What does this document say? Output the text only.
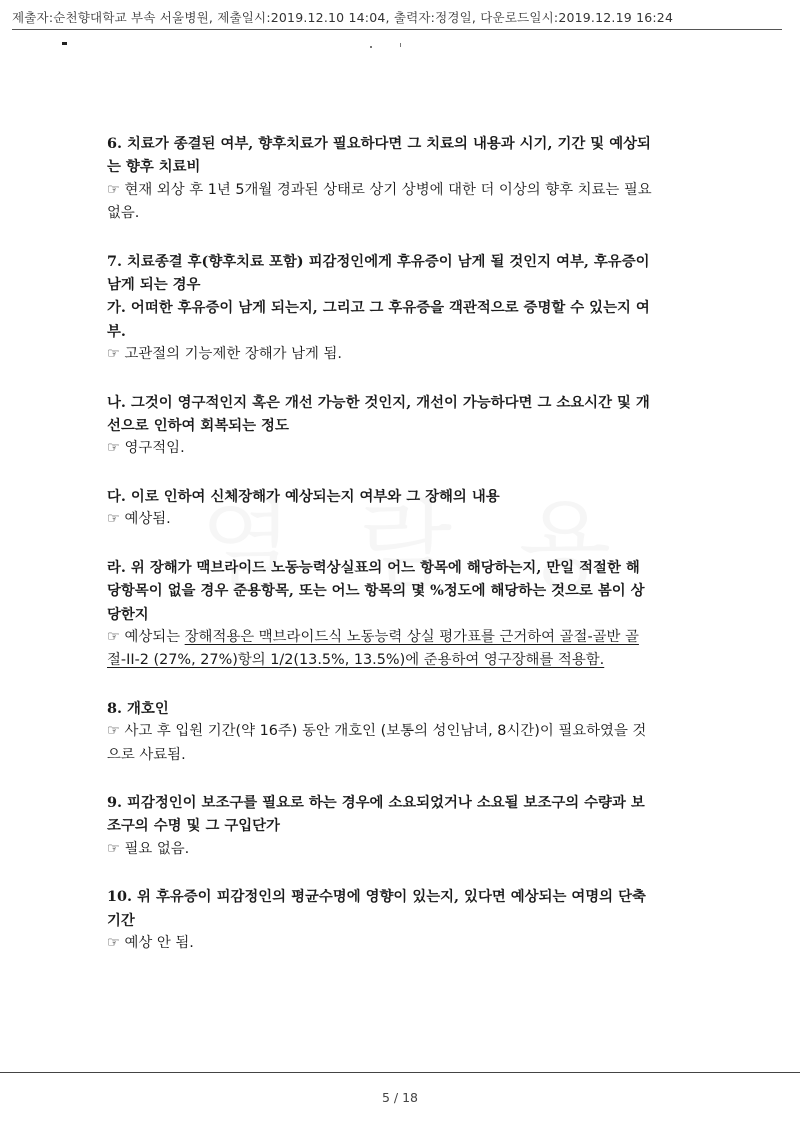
제출자:순천향대학교 부속 서울병원, 제출일시:2019.12.10 14:04, 출력자:정경일, 다운로드일시:2019.12.19 16:24

6. 치료가 종결된 여부, 향후치료가 필요하다면 그 치료의 내용과 시기, 기간 및 예상되는 향후 치료비

☞ 현재 외상 후 1년 5개월 경과된 상태로 상기 상병에 대한 더 이상의 향후 치료는 필요 없음.

7. 치료종결 후(향후치료 포함) 피감정인에게 후유증이 남게 될 것인지 여부, 후유증이 남게 되는 경우

가. 어떠한 후유증이 남게 되는지, 그리고 그 후유증을 객관적으로 증명할 수 있는지 여부.

☞ 고관절의 기능제한 장해가 남게 됨.

나. 그것이 영구적인지 혹은 개선 가능한 것인지, 개선이 가능하다면 그 소요시간 및 개선으로 인하여 회복되는 정도

☞ 영구적임.

다. 이로 인하여 신체장해가 예상되는지 여부와 그 장해의 내용

☞ 예상됨.

라. 위 장해가 맥브라이드 노동능력상실표의 어느 항목에 해당하는지, 만일 적절한 해당항목이 없을 경우 준용항목, 또는 어느 항목의 몇 %정도에 해당하는 것으로 봄이 상당한지

☞ 예상되는 장해적용은 맥브라이드식 노동능력 상실 평가표를 근거하여 골절-골반 골절-II-2 (27%, 27%)항의 1/2(13.5%, 13.5%)에 준용하여 영구장해를 적용함.

8. 개호인

☞ 사고 후 입원 기간(약 16주) 동안 개호인 (보통의 성인남녀, 8시간)이 필요하였을 것으로 사료됨.

9. 피감정인이 보조구를 필요로 하는 경우에 소요되었거나 소요될 보조구의 수량과 보조구의 수명 및 그 구입단가

☞ 필요 없음.

10. 위 후유증이 피감정인의 평균수명에 영향이 있는지, 있다면 예상되는 여명의 단축기간

☞ 예상 안 됨.

5 / 18
